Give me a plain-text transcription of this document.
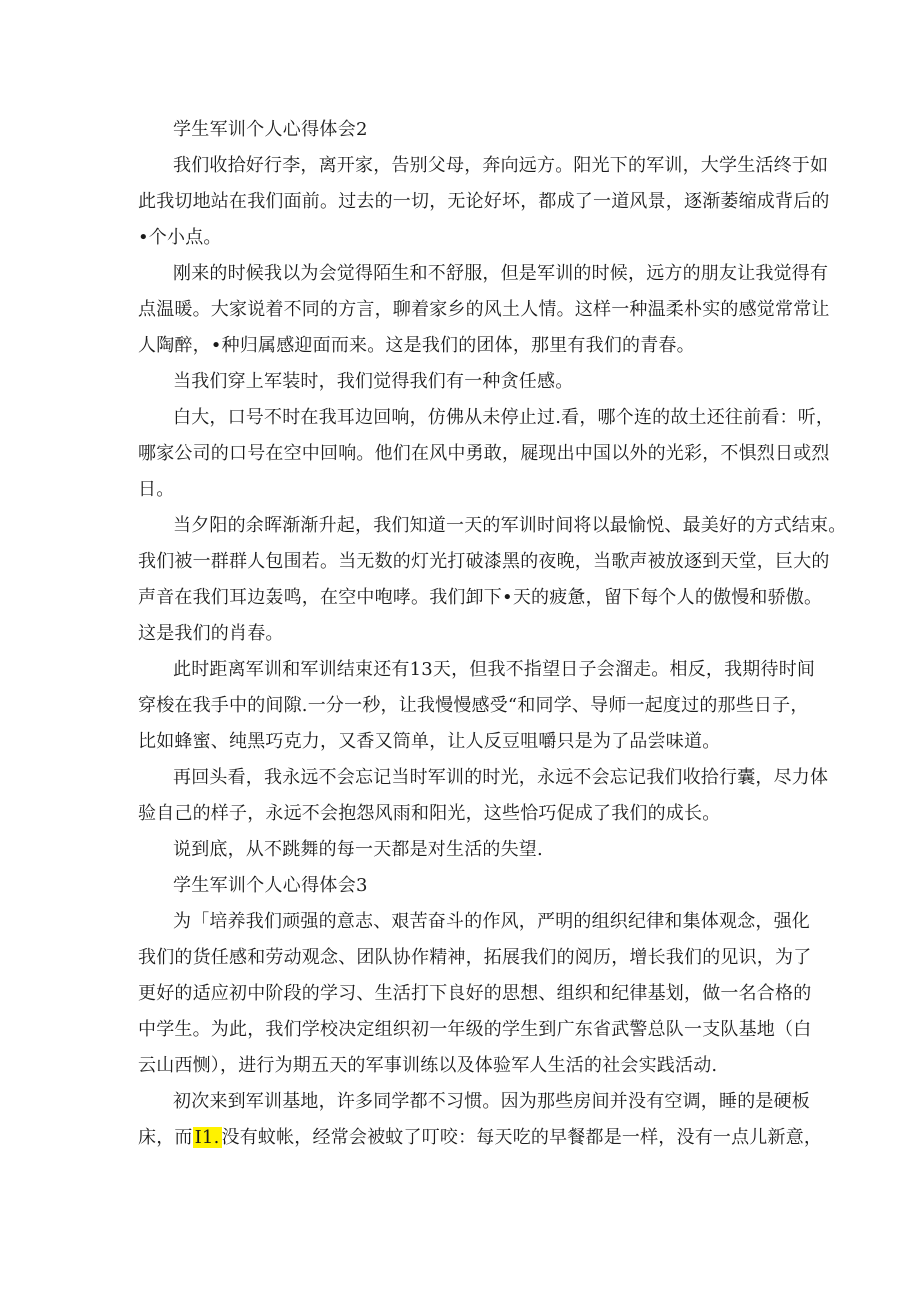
学生军训个人心得体会2

我们收拾好行李，离开家，告别父母，奔向远方。阳光下的军训，大学生活终于如
此我切地站在我们面前。过去的一切，无论好坏，都成了一道风景，逐渐萎缩成背后的
•个小点。

刚来的时候我以为会觉得陌生和不舒服，但是军训的时候，远方的朋友让我觉得有
点温暖。大家说着不同的方言，聊着家乡的风土人情。这样一种温柔朴实的感觉常常让
人陶醉，•种归属感迎面而来。这是我们的团体，那里有我们的青春。

当我们穿上军装时，我们觉得我们有一种贪任感。

白大，口号不时在我耳边回响，仿佛从未停止过.看，哪个连的故土还往前看：听，
哪家公司的口号在空中回响。他们在风中勇敢，屣现出中国以外的光彩，不惧烈日或烈
日。

当夕阳的余晖渐渐升起，我们知道一天的军训时间将以最愉悦、最美好的方式结束。
我们被一群群人包围若。当无数的灯光打破漆黑的夜晚，当歌声被放逐到天堂，巨大的
声音在我们耳边轰鸣，在空中咆哮。我们卸下•天的疲惫，留下每个人的傲慢和骄傲。
这是我们的肖春。

此时距离军训和军训结束还有13天，但我不指望日子会溜走。相反，我期待时间
穿梭在我手中的间隙.一分一秒，让我慢慢感受“和同学、导师一起度过的那些日子，
比如蜂蜜、纯黑巧克力，又香又筒单，让人反豆咀嚼只是为了品尝味道。

再回头看，我永远不会忘记当时军训的时光，永远不会忘记我们收拾行囊，尽力体
验自己的样子，永远不会抱怨风雨和阳光，这些恰巧促成了我们的成长。

说到底，从不跳舞的每一天都是对生活的失望.

学生军训个人心得体会3

为「培养我们顽强的意志、艰苦奋斗的作风，严明的组织纪律和集体观念，强化
我们的货任感和劳动观念、团队协作精神，拓展我们的阅历，增长我们的见识，为了
更好的适应初中阶段的学习、生活打下良好的思想、组织和纪律基划，做一名合格的
中学生。为此，我们学校决定组织初一年级的学生到广东省武警总队一支队基地（白
云山西恻），进行为期五天的军事训练以及体验军人生活的社会实践活动.

初次来到军训基地，许多同学都不习惯。因为那些房间并没有空调，睡的是硬板
床，而 I1. 没有蚊帐，经常会被蚊了叮咬：每天吃的早餐都是一样，没有一点儿新意，
